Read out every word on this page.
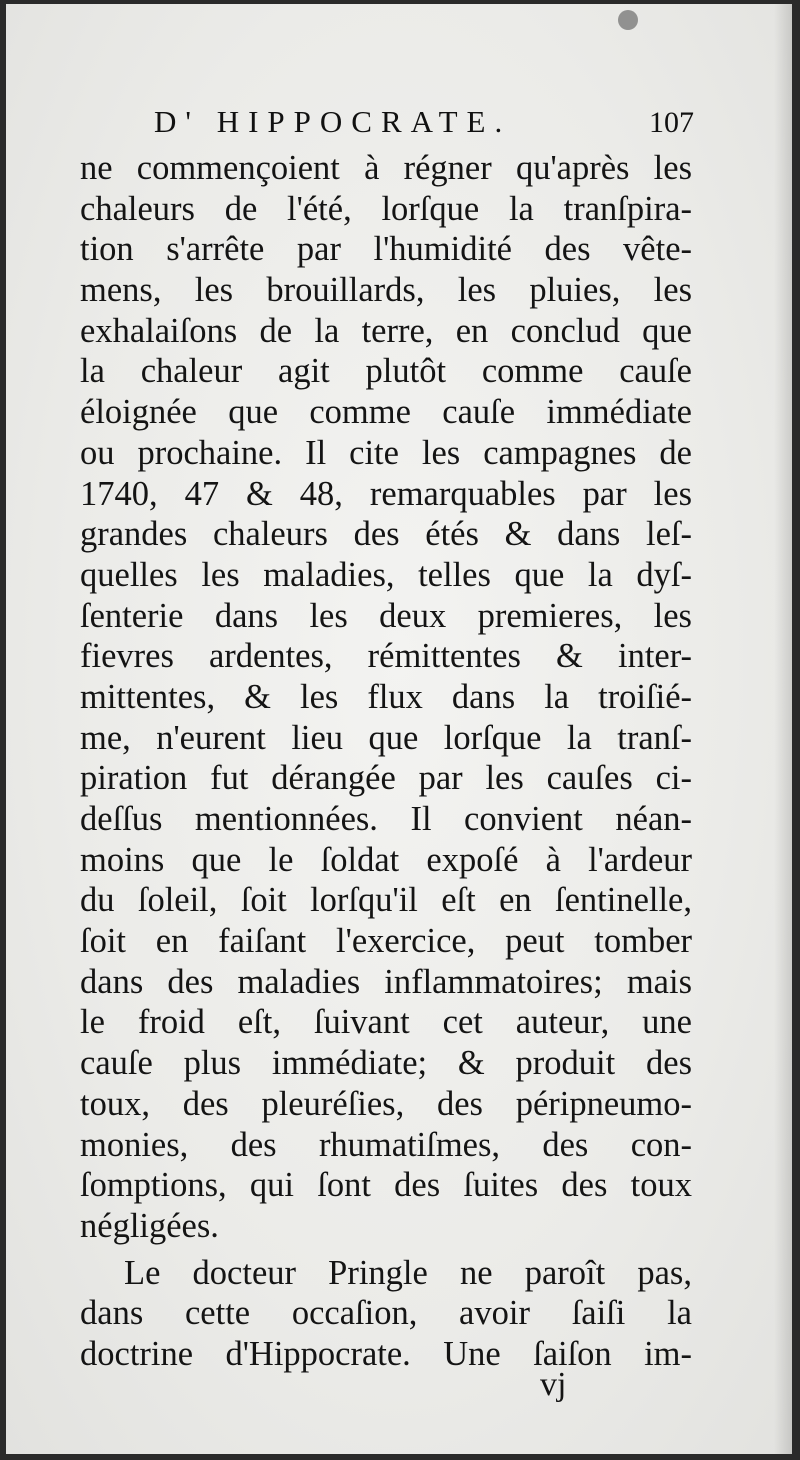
D' HIPPOCRATE.	107
ne commençoient à régner qu'après les
chaleurs de l'été, lorſque la tranſpira-
tion s'arrête par l'humidité des vête-
mens, les brouillards, les pluies, les
exhalaiſons de la terre, en conclud que
la chaleur agit plutôt comme cauſe
éloignée que comme cauſe immédiate
ou prochaine. Il cite les campagnes de
1740, 47 & 48, remarquables par les
grandes chaleurs des étés & dans leſ-
quelles les maladies, telles que la dyſ-
ſenterie dans les deux premieres, les
fievres ardentes, rémittentes & inter-
mittentes, & les flux dans la troiſié-
me, n'eurent lieu que lorſque la tranſ-
piration fut dérangée par les cauſes ci-
deſſus mentionnées. Il convient néan-
moins que le ſoldat expoſé à l'ardeur
du ſoleil, ſoit lorſqu'il eſt en ſentinelle,
ſoit en faiſant l'exercice, peut tomber
dans des maladies inflammatoires; mais
le froid eſt, ſuivant cet auteur, une
cauſe plus immédiate; & produit des
toux, des pleuréſies, des péripneumo-
monies, des rhumatiſmes, des con-
ſomptions, qui ſont des ſuites des toux
négligées.
Le docteur Pringle ne paroît pas,
dans cette occaſion, avoir ſaiſi la
doctrine d'Hippocrate. Une ſaiſon im-
vj
